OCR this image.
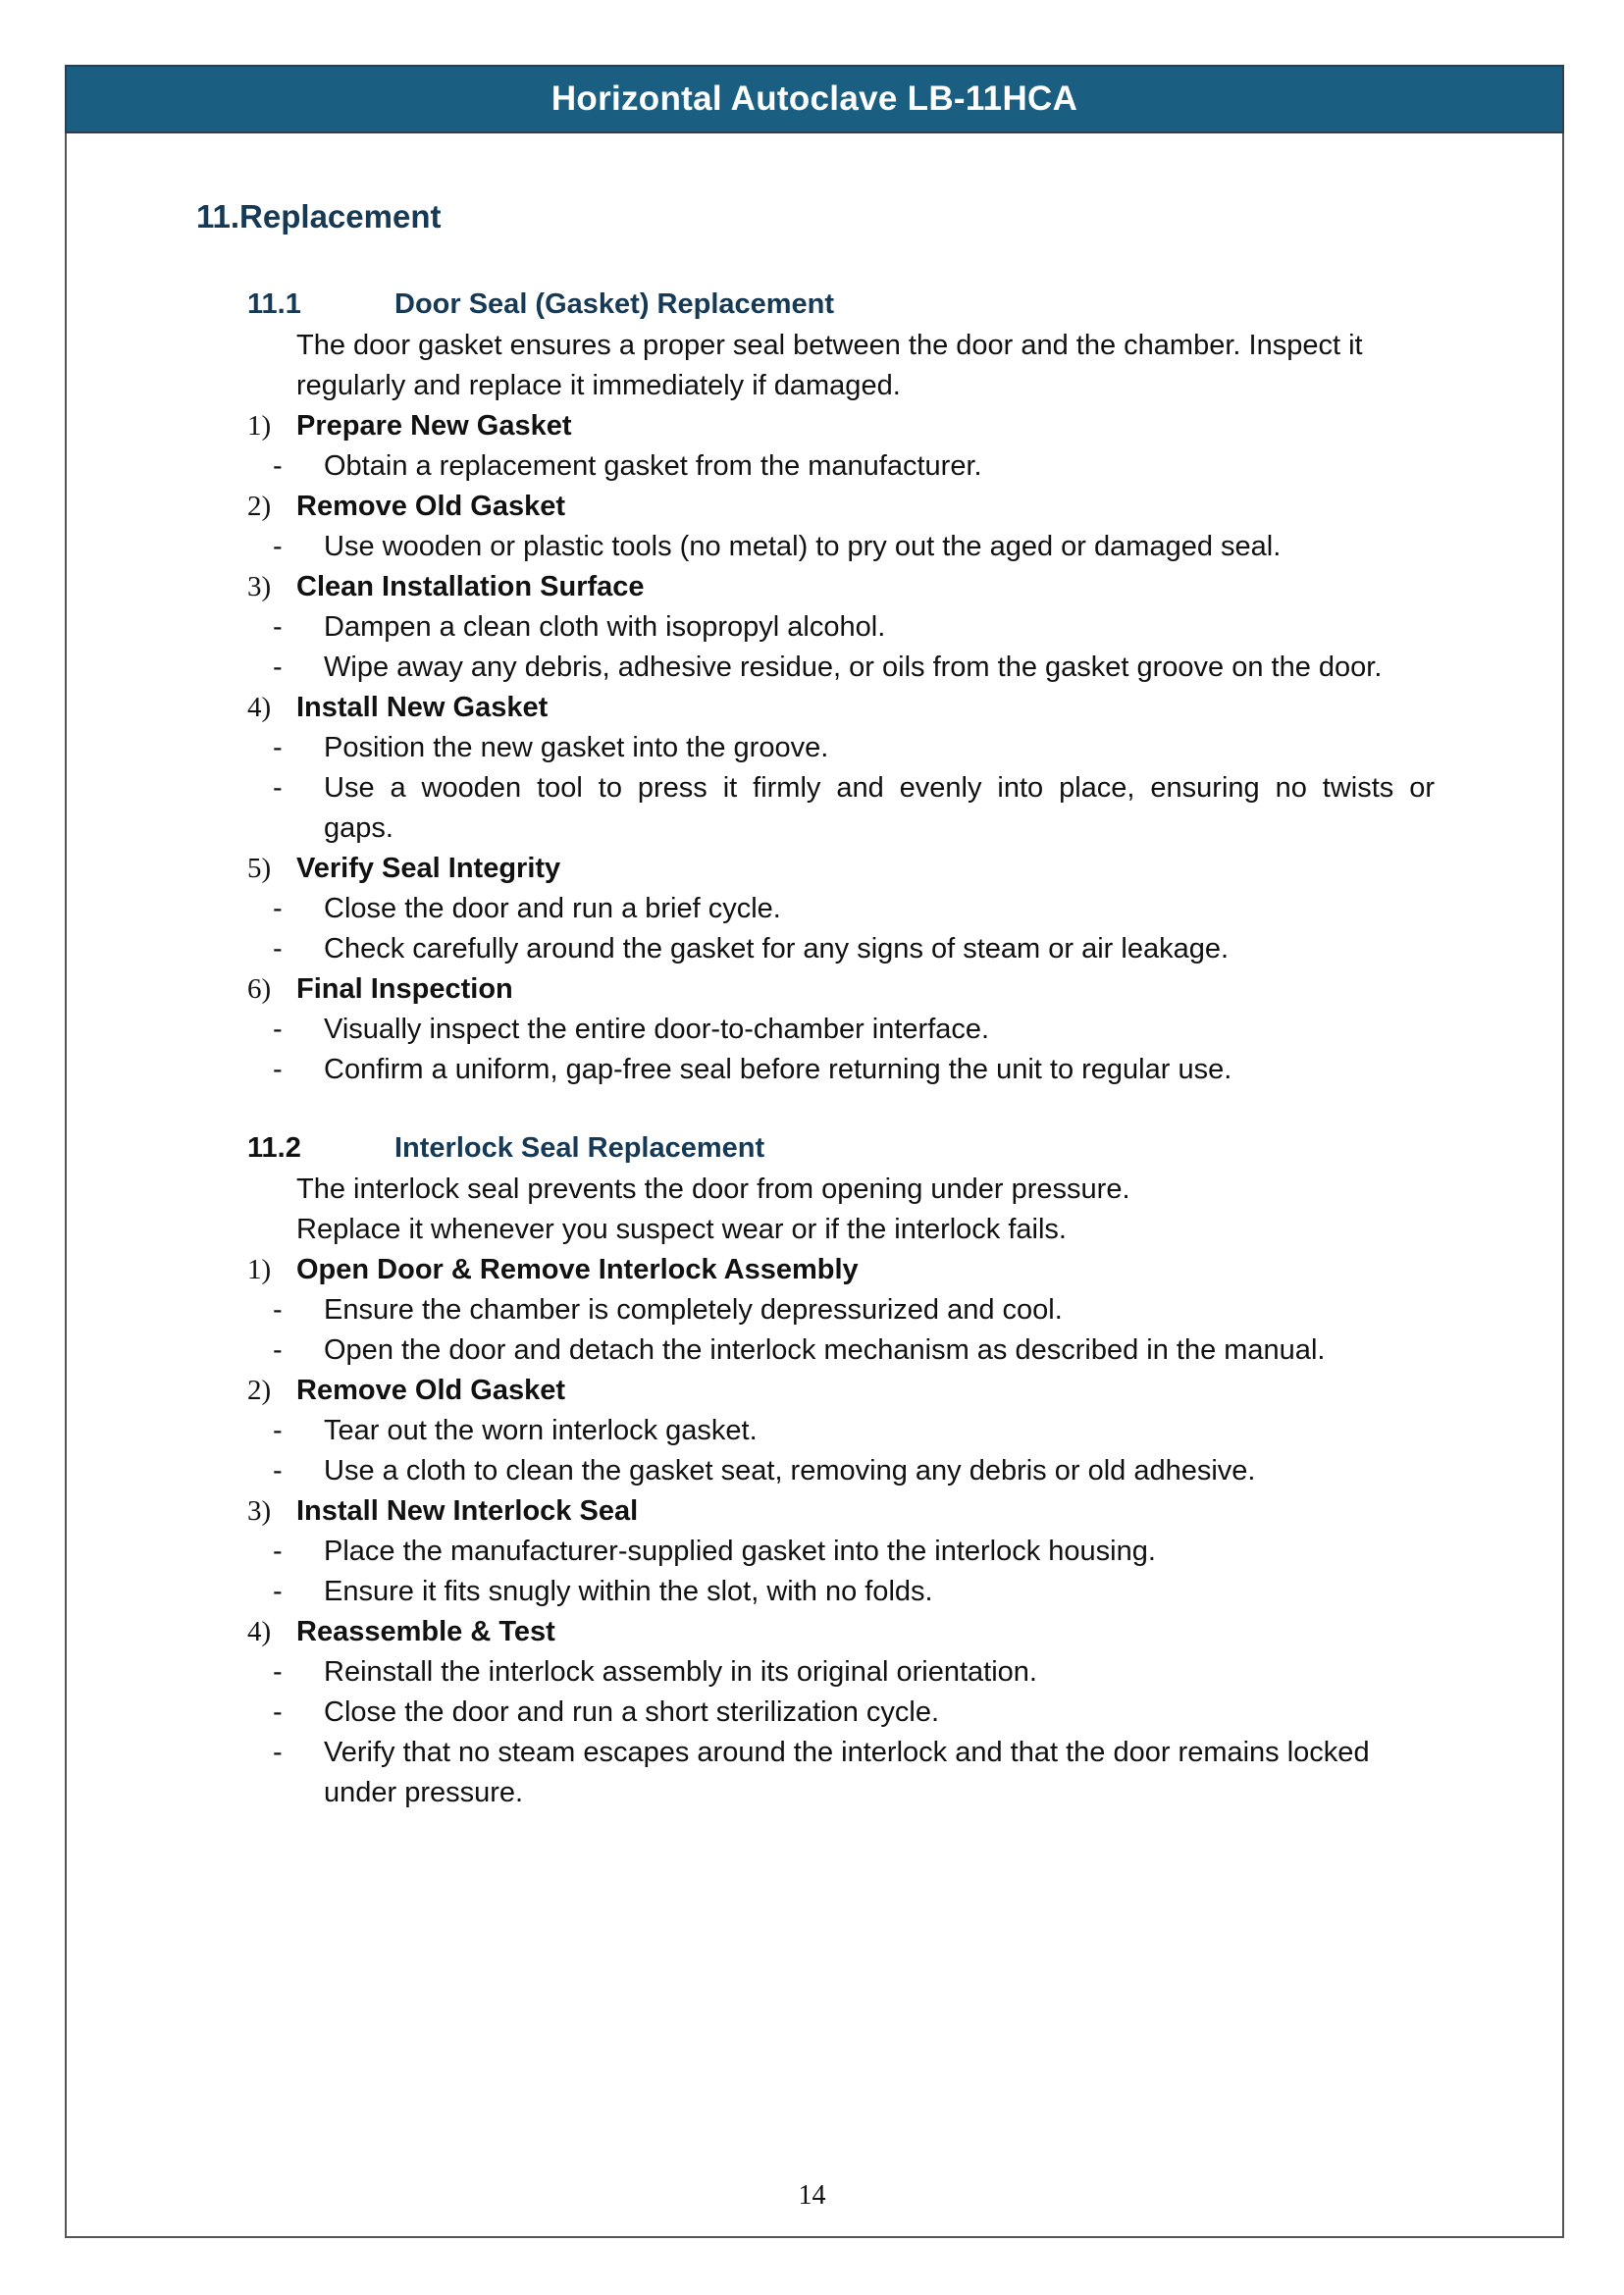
Horizontal Autoclave LB-11HCA
11.Replacement
11.1	Door Seal (Gasket) Replacement
The door gasket ensures a proper seal between the door and the chamber. Inspect it
regularly and replace it immediately if damaged.
1) Prepare New Gasket
- Obtain a replacement gasket from the manufacturer.
2) Remove Old Gasket
- Use wooden or plastic tools (no metal) to pry out the aged or damaged seal.
3) Clean Installation Surface
- Dampen a clean cloth with isopropyl alcohol.
- Wipe away any debris, adhesive residue, or oils from the gasket groove on the door.
4) Install New Gasket
- Position the new gasket into the groove.
- Use a wooden tool to press it firmly and evenly into place, ensuring no twists or
gaps.
5) Verify Seal Integrity
- Close the door and run a brief cycle.
- Check carefully around the gasket for any signs of steam or air leakage.
6) Final Inspection
- Visually inspect the entire door-to-chamber interface.
- Confirm a uniform, gap-free seal before returning the unit to regular use.
11.2	Interlock Seal Replacement
The interlock seal prevents the door from opening under pressure.
Replace it whenever you suspect wear or if the interlock fails.
1) Open Door & Remove Interlock Assembly
- Ensure the chamber is completely depressurized and cool.
- Open the door and detach the interlock mechanism as described in the manual.
2) Remove Old Gasket
- Tear out the worn interlock gasket.
- Use a cloth to clean the gasket seat, removing any debris or old adhesive.
3) Install New Interlock Seal
- Place the manufacturer-supplied gasket into the interlock housing.
- Ensure it fits snugly within the slot, with no folds.
4) Reassemble & Test
- Reinstall the interlock assembly in its original orientation.
- Close the door and run a short sterilization cycle.
- Verify that no steam escapes around the interlock and that the door remains locked
under pressure.
14
